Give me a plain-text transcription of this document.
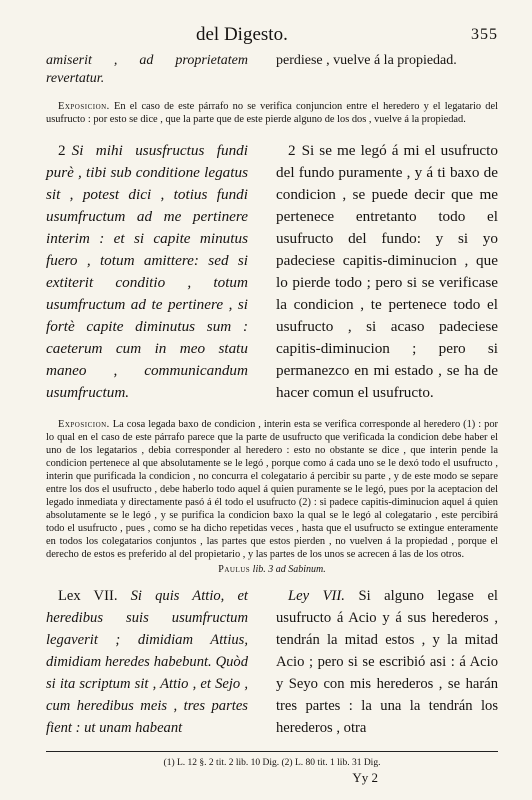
del Digesto.	355
amiserit , ad proprietatem revertatur.
perdiese , vuelve á la propiedad.

Exposicion. En el caso de este párrafo no se verifica conjuncion entre el heredero y el legatario del usufructo : por esto se dice , que la parte que de este pierde alguno de los dos , vuelve á la propiedad.

2 Si mihi ususfructus fundi purè , tibi sub conditione legatus sit , potest dici , totius fundi usumfructum ad me pertinere interim : et si capite minutus fuero , totum amittere: sed si extiterit conditio , totum usumfructum ad te pertinere , si fortè capite diminutus sum : caeterum cum in meo statu maneo , communicandum usumfructum.
2 Si se me legó á mi el usufructo del fundo puramente , y á ti baxo de condicion , se puede decir que me pertenece entretanto todo el usufructo del fundo: y si yo padeciese capitis-diminucion , que lo pierde todo ; pero si se verificase la condicion , te pertenece todo el usufructo , si acaso padeciese capitis-diminucion ; pero si permanezco en mi estado , se ha de hacer comun el usufructo.

Exposicion. La cosa legada baxo de condicion , interin esta se verifica corresponde al heredero (1) : por lo qual en el caso de este párrafo parece que la parte de usufructo que verificada la condicion debe haber el uno de los legatarios , debia corresponder al heredero : esto no obstante se dice , que interin pende la condicion pertenece al que absolutamente se le legó , porque como á cada uno se le dexó todo el usufructo , interin que purificada la condicion , no concurra el colegatario á percibir su parte , y de este modo se separe entre los dos el usufructo , debe haberlo todo aquel á quien puramente se le legó, pues por la aceptacion del legado inmediata y directamente pasó á él todo el usufructo (2) : si padece capitis-diminucion aquel á quien absolutamente se le legó , y se purifica la condicion baxo la qual se le legó al colegatario , este percibirá todo el usufructo , pues , como se ha dicho repetidas veces , hasta que el usufructo se extingue enteramente en todos los colegatarios conjuntos , las partes que estos pierden , no vuelven á la propiedad , porque el derecho de estos es preferido al del propietario , y las partes de los unos se acrecen á las de los otros.

Paulus lib. 3 ad Sabinum.
Lex VII. Si quis Attio, et heredibus suis usumfructum legaverit ; dimidiam Attius, dimidiam heredes habebunt. Quòd si ita scriptum sit , Attio , et Sejo , cum heredibus meis , tres partes fient : ut unam habeant
Ley VII. Si alguno legase el usufructo á Acio y á sus herederos , tendrán la mitad estos , y la mitad Acio ; pero si se escribió asi : á Acio y Seyo con mis herederos , se harán tres partes : la una la tendrán los herederos , otra
(1) L. 12 §. 2 tit. 2 lib. 10 Dig. (2) L. 80 tit. 1 lib. 31 Dig.
Yy 2
